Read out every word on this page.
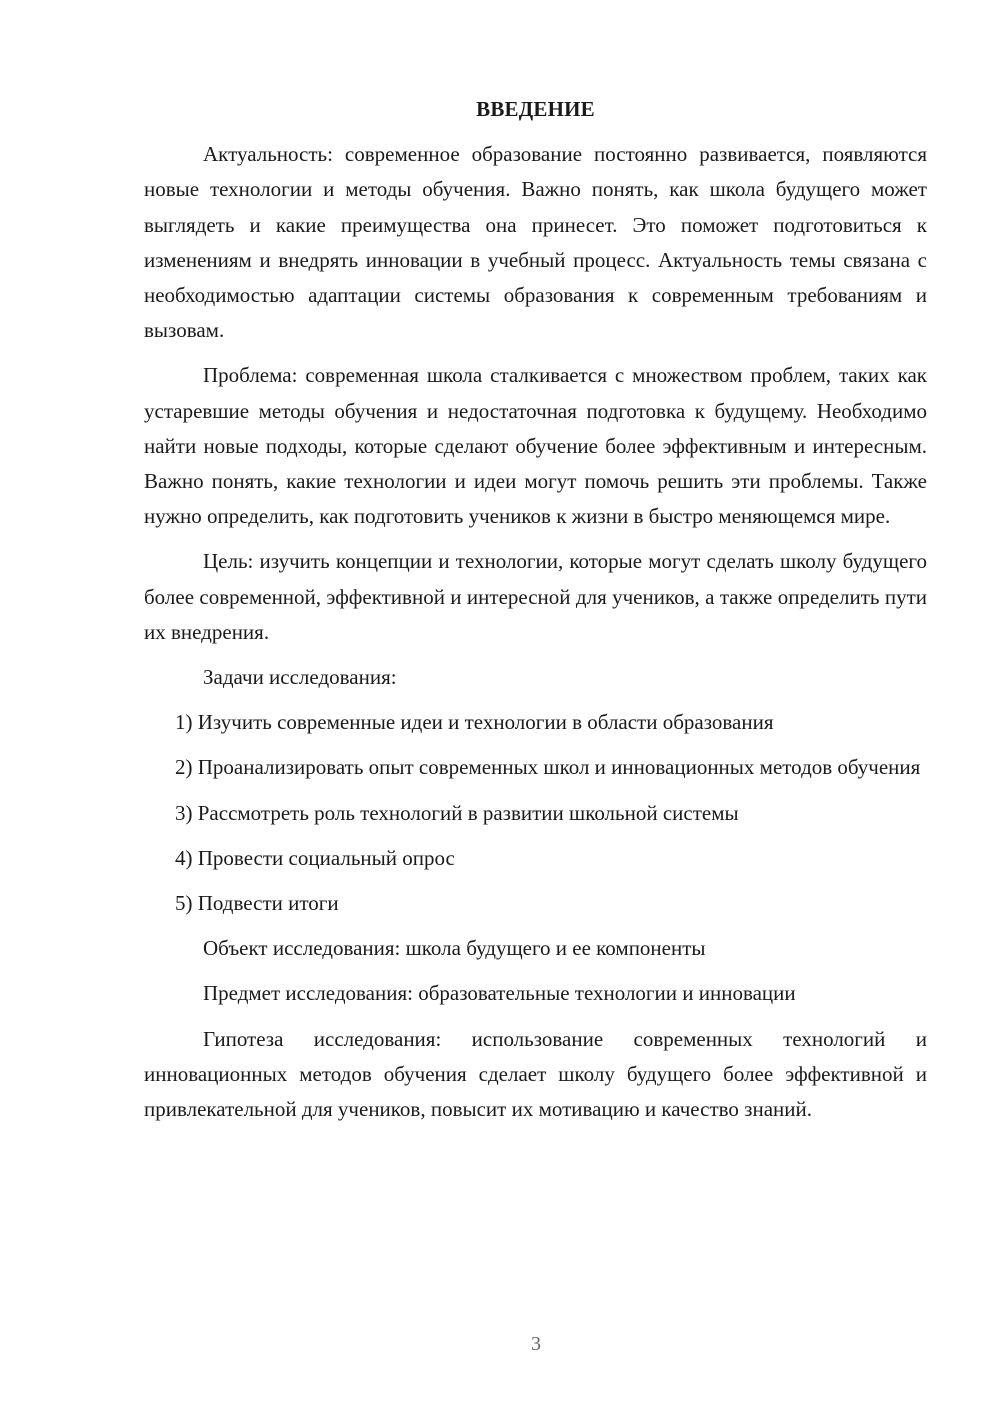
ВВЕДЕНИЕ

Актуальность: современное образование постоянно развивается, появляются новые технологии и методы обучения. Важно понять, как школа будущего может выглядеть и какие преимущества она принесет. Это поможет подготовиться к изменениям и внедрять инновации в учебный процесс. Актуальность темы связана с необходимостью адаптации системы образования к современным требованиям и вызовам.

Проблема: современная школа сталкивается с множеством проблем, таких как устаревшие методы обучения и недостаточная подготовка к будущему. Необходимо найти новые подходы, которые сделают обучение более эффективным и интересным. Важно понять, какие технологии и идеи могут помочь решить эти проблемы. Также нужно определить, как подготовить учеников к жизни в быстро меняющемся мире.

Цель: изучить концепции и технологии, которые могут сделать школу будущего более современной, эффективной и интересной для учеников, а также определить пути их внедрения.

Задачи исследования:

1) Изучить современные идеи и технологии в области образования

2) Проанализировать опыт современных школ и инновационных методов обучения

3) Рассмотреть роль технологий в развитии школьной системы

4) Провести социальный опрос

5) Подвести итоги

Объект исследования: школа будущего и ее компоненты

Предмет исследования: образовательные технологии и инновации

Гипотеза исследования: использование современных технологий и инновационных методов обучения сделает школу будущего более эффективной и привлекательной для учеников, повысит их мотивацию и качество знаний.

3
